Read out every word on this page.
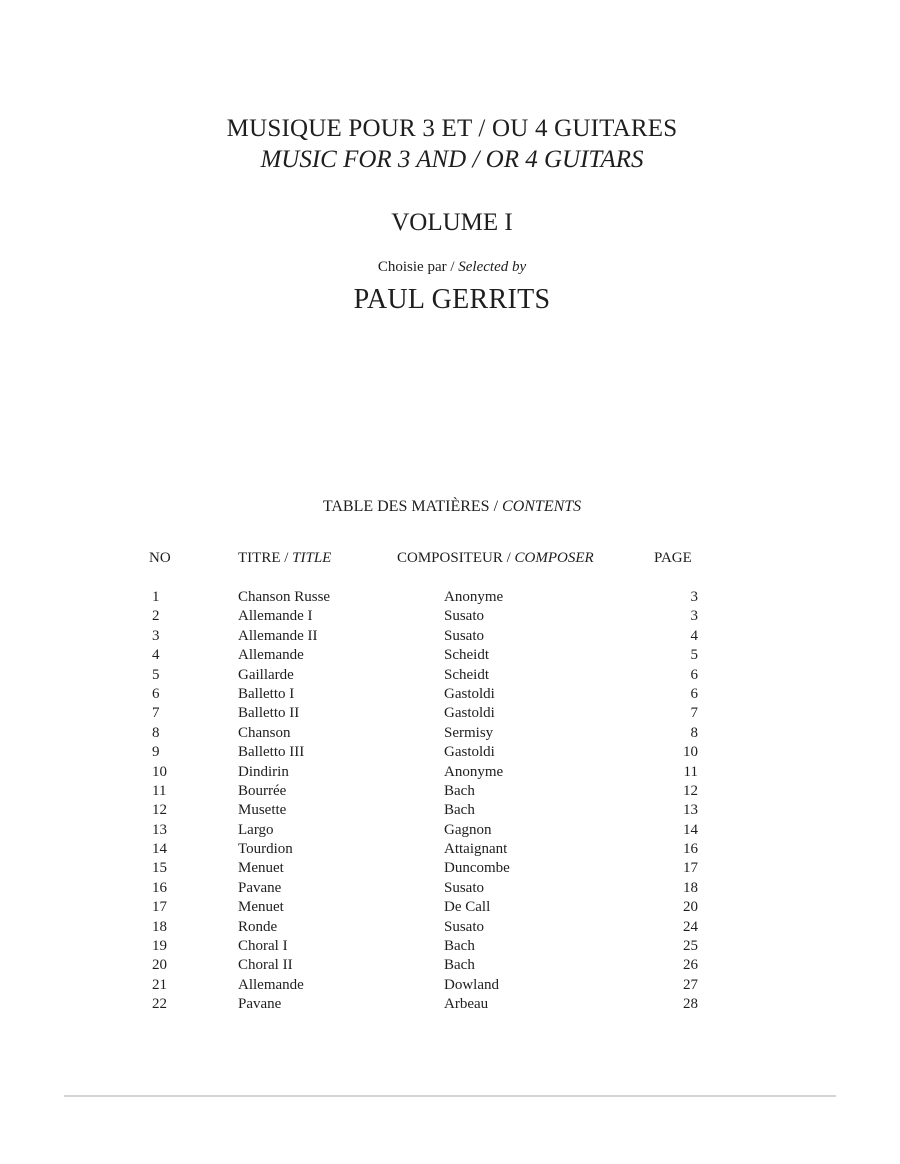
MUSIQUE POUR 3 ET / OU 4 GUITARES
MUSIC FOR 3 AND / OR 4 GUITARS
VOLUME I
Choisie par / Selected by
PAUL GERRITS
TABLE DES MATIÈRES / CONTENTS
NO	TITRE / TITLE	COMPOSITEUR / COMPOSER	PAGE
1	Chanson Russe	Anonyme	3
2	Allemande I	Susato	3
3	Allemande II	Susato	4
4	Allemande	Scheidt	5
5	Gaillarde	Scheidt	6
6	Balletto I	Gastoldi	6
7	Balletto II	Gastoldi	7
8	Chanson	Sermisy	8
9	Balletto III	Gastoldi	10
10	Dindirin	Anonyme	11
11	Bourrée	Bach	12
12	Musette	Bach	13
13	Largo	Gagnon	14
14	Tourdion	Attaignant	16
15	Menuet	Duncombe	17
16	Pavane	Susato	18
17	Menuet	De Call	20
18	Ronde	Susato	24
19	Choral I	Bach	25
20	Choral II	Bach	26
21	Allemande	Dowland	27
22	Pavane	Arbeau	28
